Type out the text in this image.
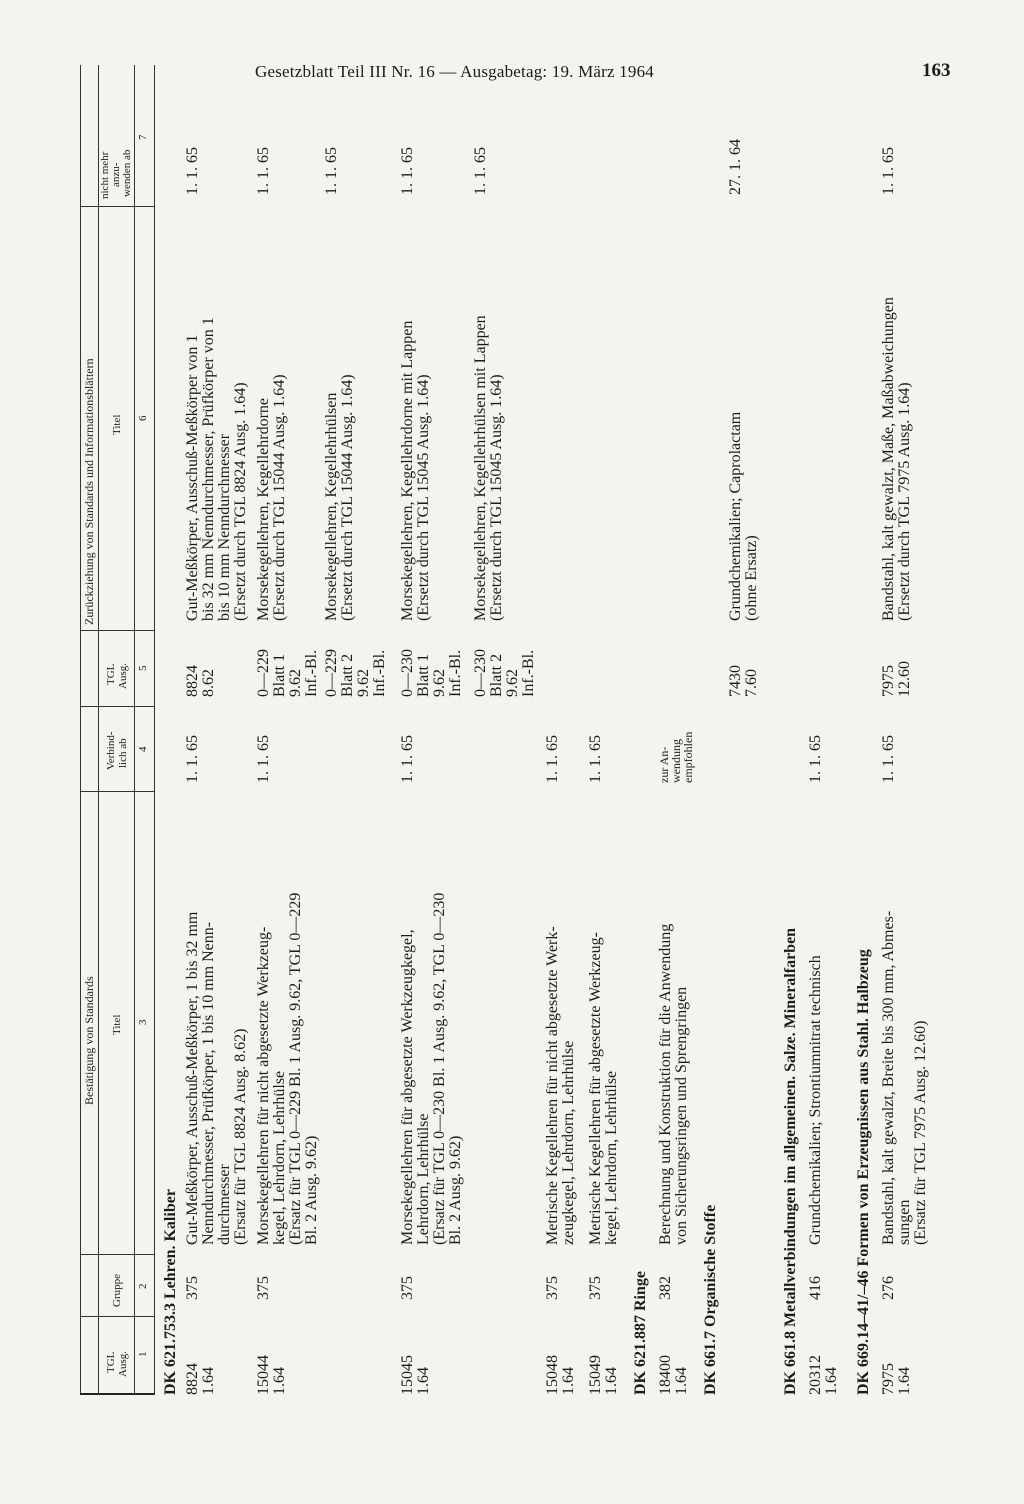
Gesetzblatt Teil III Nr. 16 — Ausgabetag: 19. März 1964	163
Bestätigung von Standards
Zurückziehung von Standards und Informationsblättern
TGL Ausg.
Gruppe
Titel
Verbind- lich ab
TGL Ausg.
Titel
nicht mehr anzu- wenden ab
1
2
3
4
5
6
7
DK 621.753.3 Lehren. Kaliber 8824 1.64
375
Gut-Meßkörper, Ausschuß-Meßkörper, 1 bis 32 mm Nenndurchmesser, Prüfkörper, 1 bis 10 mm Nenn- durchmesser (Ersatz für TGL 8824 Ausg. 8.62)
1. 1. 65
8824 8.62
Gut-Meßkörper, Ausschuß-Meßkörper von 1 bis 32 mm Nenndurchmesser, Prüfkörper von 1 bis 10 mm Nenndurchmesser (Ersetzt durch TGL 8824 Ausg. 1.64)
1. 1. 65
15044 1.64
375
Morsekegellehren für nicht abgesetzte Werkzeug- kegel, Lehrdorn, Lehrhülse (Ersatz für TGL 0—229 Bl. 1 Ausg. 9.62, TGL 0—229 Bl. 2 Ausg. 9.62)
1. 1. 65
0—229 Blatt 1 9.62 Inf.-Bl.
Morsekegellehren, Kegellehrdorne (Ersetzt durch TGL 15044 Ausg. 1.64)
1. 1. 65
0—229 Blatt 2 9.62 Inf.-Bl.
Morsekegellehren, Kegellehrhülsen (Ersetzt durch TGL 15044 Ausg. 1.64)
1. 1. 65
15045 1.64
375
Morsekegellehren für abgesetzte Werkzeugkegel, Lehrdorn, Lehrhülse (Ersatz für TGL 0—230 Bl. 1 Ausg. 9.62, TGL 0—230 Bl. 2 Ausg. 9.62)
1. 1. 65
0—230 Blatt 1 9.62 Inf.-Bl.
Morsekegellehren, Kegellehrdorne mit Lappen (Ersetzt durch TGL 15045 Ausg. 1.64)
1. 1. 65
0—230 Blatt 2 9.62 Inf.-Bl.
Morsekegellehren, Kegellehrhülsen mit Lappen (Ersetzt durch TGL 15045 Ausg. 1.64)
1. 1. 65
15048 1.64
375
Metrische Kegellehren für nicht abgesetzte Werk- zeugkegel, Lehrdorn, Lehrhülse
1. 1. 65
15049 1.64
375
Metrische Kegellehren für abgesetzte Werkzeug- kegel, Lehrdorn, Lehrhülse
1. 1. 65
DK 621.887 Ringe 18400 1.64
382
Berechnung und Konstruktion für die Anwendung von Sicherungsringen und Sprengringen
zur An-
wendung
empfohlen
DK 661.7 Organische Stoffe
7430 7.60
Grundchemikalien; Caprolactam (ohne Ersatz)
27. 1. 64
DK 661.8 Metallverbindungen im allgemeinen. Salze. Mineralfarben 20312 1.64
416
Grundchemikalien; Strontiumnitrat technisch
1. 1. 65
DK 669.14–41/–46 Formen von Erzeugnissen aus Stahl. Halbzeug 7975 1.64
276
Bandstahl, kalt gewalzt, Breite bis 300 mm, Abmes- sungen (Ersatz für TGL 7975 Ausg. 12.60)
1. 1. 65
7975 12.60
Bandstahl, kalt gewalzt, Maße, Maßabweichungen (Ersetzt durch TGL 7975 Ausg. 1.64)
1. 1. 65
